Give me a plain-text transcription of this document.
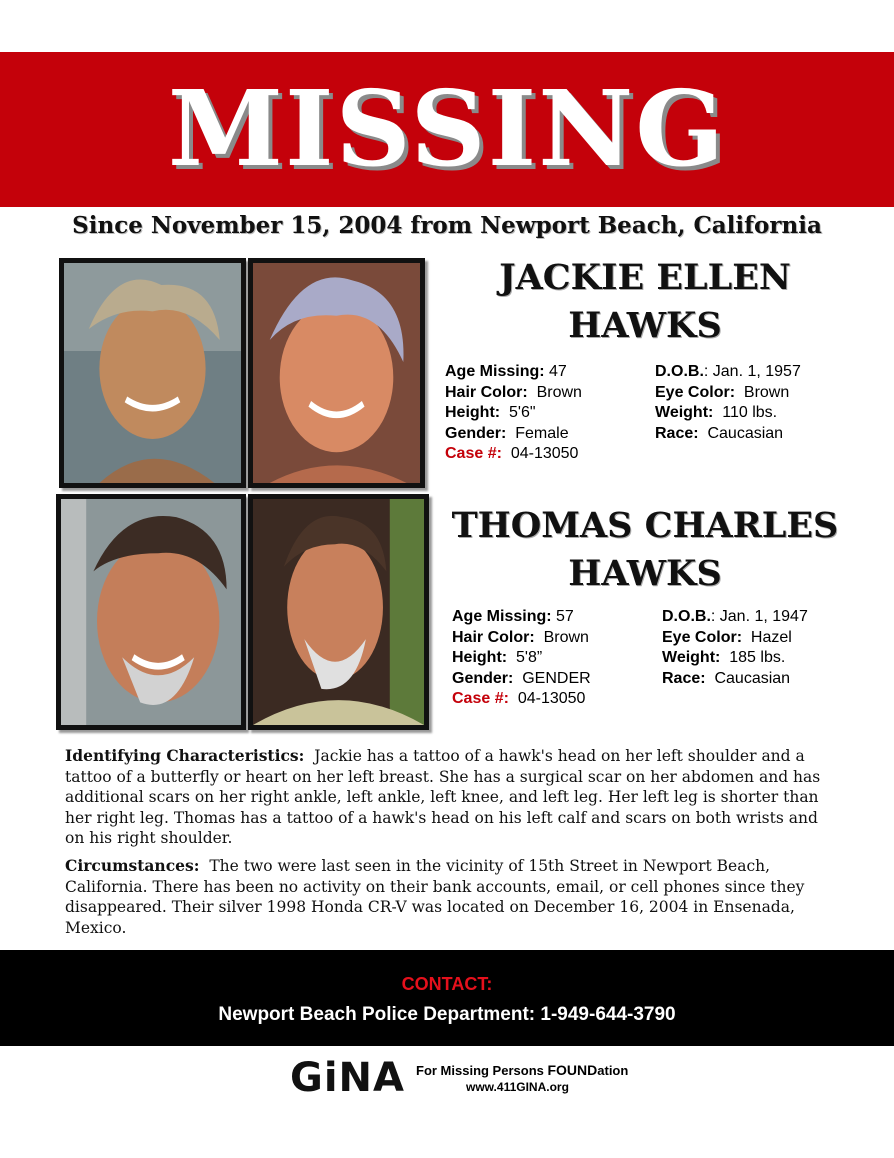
MISSING
Since November 15, 2004 from Newport Beach, California
JACKIE ELLEN
HAWKS
Age Missing: 47
Hair Color: Brown
Height: 5'6"
Gender: Female
Case #: 04-13050
D.O.B.: Jan. 1, 1957
Eye Color: Brown
Weight: 110 lbs.
Race: Caucasian
THOMAS CHARLES
HAWKS
Age Missing: 57
Hair Color: Brown
Height: 5'8”
Gender: GENDER
Case #: 04-13050
D.O.B.: Jan. 1, 1947
Eye Color: Hazel
Weight: 185 lbs.
Race: Caucasian
Identifying Characteristics: Jackie has a tattoo of a hawk's head on her left shoulder and a tattoo of a butterfly or heart on her left breast. She has a surgical scar on her abdomen and has additional scars on her right ankle, left ankle, left knee, and left leg. Her left leg is shorter than her right leg. Thomas has a tattoo of a hawk's head on his left calf and scars on both wrists and on his right shoulder.
Circumstances: The two were last seen in the vicinity of 15th Street in Newport Beach, California. There has been no activity on their bank accounts, email, or cell phones since they disappeared. Their silver 1998 Honda CR-V was located on December 16, 2004 in Ensenada, Mexico.
CONTACT:
Newport Beach Police Department: 1-949-644-3790
GiNA For Missing Persons FOUNDation
www.411GINA.org
